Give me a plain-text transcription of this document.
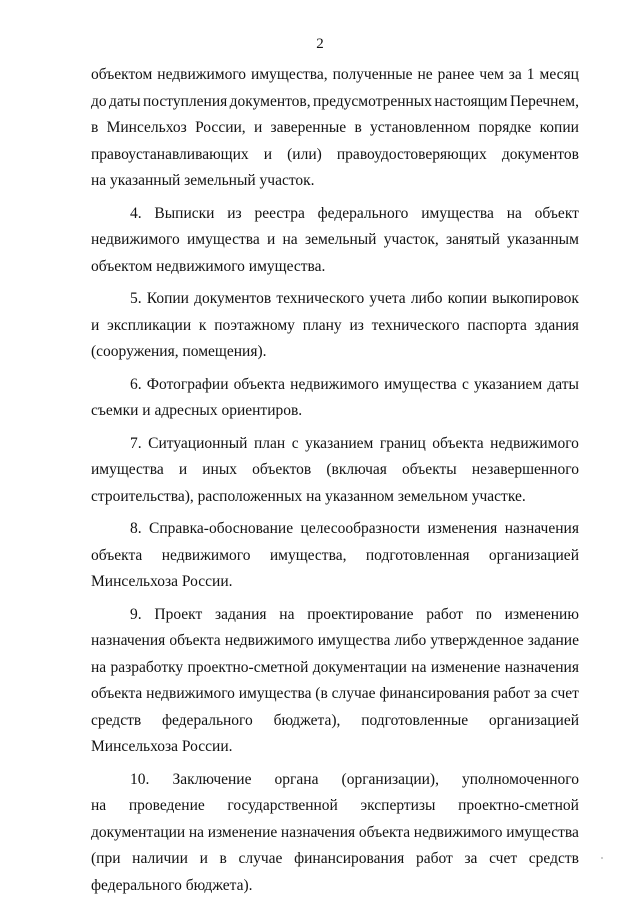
2
объектом недвижимого имущества, полученные не ранее чем за 1 месяц
до даты поступления документов, предусмотренных настоящим Перечнем,
в Минсельхоз России, и заверенные в установленном порядке копии
правоустанавливающих и (или) правоудостоверяющих документов
на указанный земельный участок.
4. Выписки из реестра федерального имущества на объект
недвижимого имущества и на земельный участок, занятый указанным
объектом недвижимого имущества.
5. Копии документов технического учета либо копии выкопировок
и экспликации к поэтажному плану из технического паспорта здания
(сооружения, помещения).
6. Фотографии объекта недвижимого имущества с указанием даты
съемки и адресных ориентиров.
7. Ситуационный план с указанием границ объекта недвижимого
имущества и иных объектов (включая объекты незавершенного
строительства), расположенных на указанном земельном участке.
8. Справка-обоснование целесообразности изменения назначения
объекта недвижимого имущества, подготовленная организацией
Минсельхоза России.
9. Проект задания на проектирование работ по изменению
назначения объекта недвижимого имущества либо утвержденное задание
на разработку проектно-сметной документации на изменение назначения
объекта недвижимого имущества (в случае финансирования работ за счет
средств федерального бюджета), подготовленные организацией
Минсельхоза России.
10. Заключение органа (организации), уполномоченного
на проведение государственной экспертизы проектно-сметной
документации на изменение назначения объекта недвижимого имущества
(при наличии и в случае финансирования работ за счет средств
федерального бюджета).
